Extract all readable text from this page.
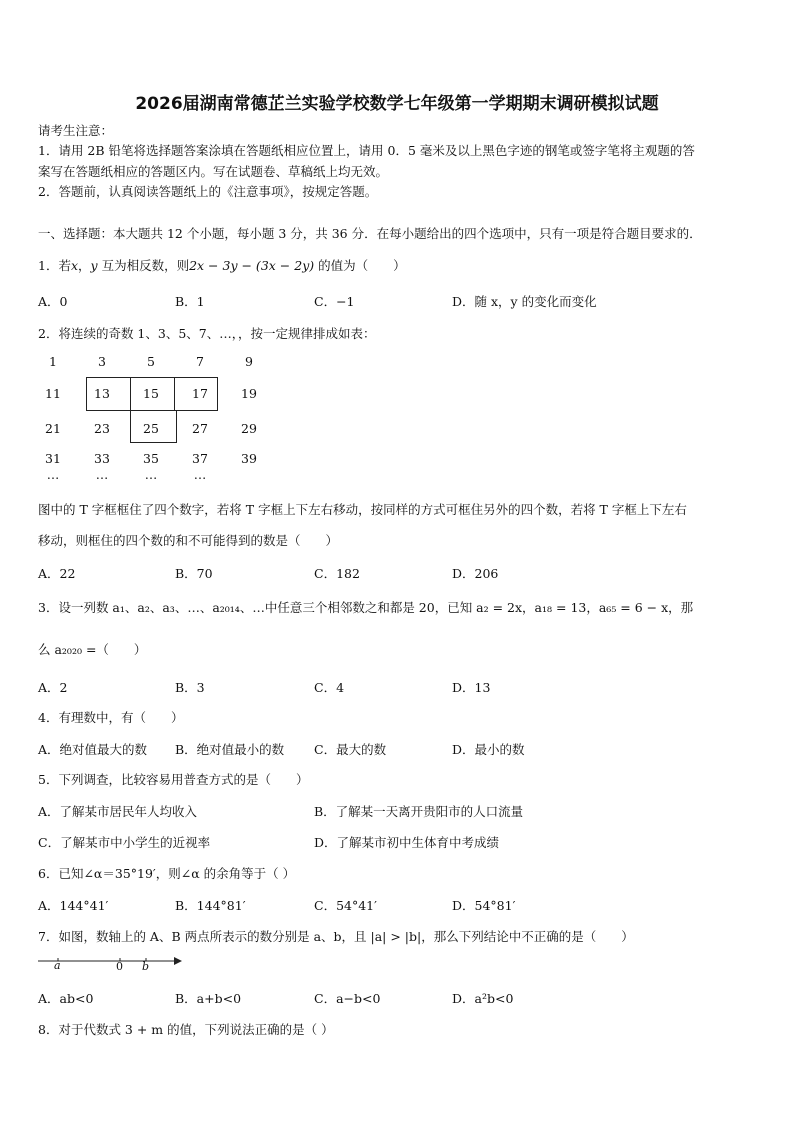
2026届湖南常德芷兰实验学校数学七年级第一学期期末调研模拟试题
请考生注意：
1．请用 2B 铅笔将选择题答案涂填在答题纸相应位置上，请用 0．5 毫米及以上黑色字迹的钢笔或签字笔将主观题的答
案写在答题纸相应的答题区内。写在试题卷、草稿纸上均无效。
2．答题前，认真阅读答题纸上的《注意事项》，按规定答题。
一、选择题：本大题共 12 个小题，每小题 3 分，共 36 分．在每小题给出的四个选项中，只有一项是符合题目要求的．
1．若x，y 互为相反数，则2x − 3y − (3x − 2y) 的值为（　　）
A．0	B．1	C．−1	D．随 x，y 的变化而变化
2．将连续的奇数 1、3、5、7、…，，按一定规律排成如表：
1	3	5	7	9
11	13	15	17	19
21	23	25	27	29
31	33	35	37	39
…	…	…	…
图中的 T 字框框住了四个数字，若将 T 字框上下左右移动，按同样的方式可框住另外的四个数，若将 T 字框上下左右
移动，则框住的四个数的和不可能得到的数是（　　）
A．22	B．70	C．182	D．206
3．设一列数 a₁、a₂、a₃、…、a₂₀₁₄、…中任意三个相邻数之和都是 20，已知 a₂ = 2x，a₁₈ = 13，a₆₅ = 6 − x，那
么 a₂₀₂₀ =（　　）
A．2	B．3	C．4	D．13
4．有理数中，有（　　）
A．绝对值最大的数 B．绝对值最小的数 C．最大的数	D．最小的数
5．下列调查，比较容易用普查方式的是（　　）
A．了解某市居民年人均收入	B．了解某一天离开贵阳市的人口流量
C．了解某市中小学生的近视率	D．了解某市初中生体育中考成绩
6．已知∠α＝35°19′，则∠α 的余角等于（ ）
A．144°41′	B．144°81′	C．54°41′	D．54°81′
7．如图，数轴上的 A、B 两点所表示的数分别是 a、b，且 |a| > |b|，那么下列结论中不正确的是（　　）
a	0 b
A．ab<0	B．a+b<0	C．a−b<0	D．a²b<0
8．对于代数式 3 + m 的值，下列说法正确的是（ ）
